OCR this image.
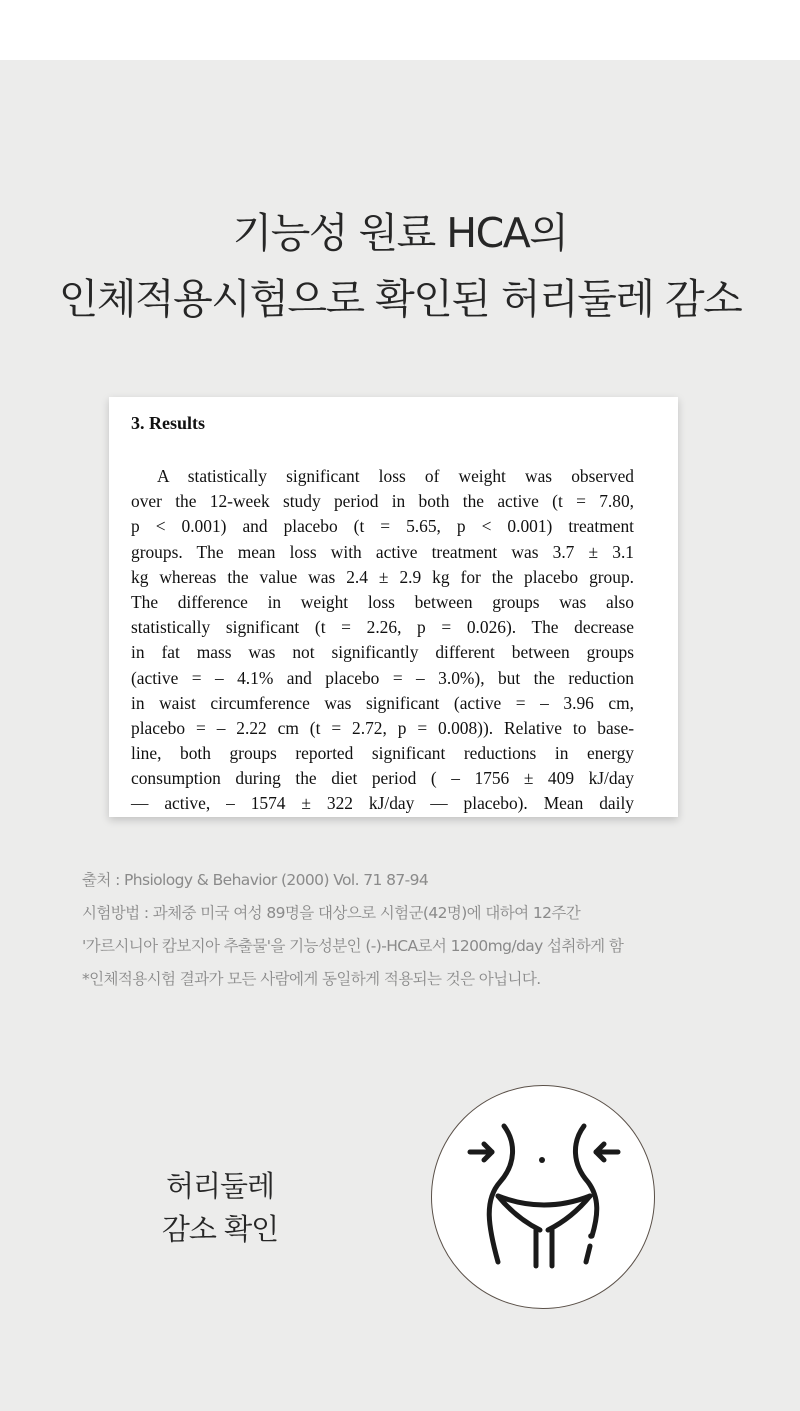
기능성 원료 HCA의
인체적용시험으로 확인된 허리둘레 감소
3. Results
A statistically significant loss of weight was observed
over the 12-week study period in both the active (t = 7.80,
p < 0.001) and placebo (t = 5.65, p < 0.001) treatment
groups. The mean loss with active treatment was 3.7 ± 3.1
kg whereas the value was 2.4 ± 2.9 kg for the placebo group.
The difference in weight loss between groups was also
statistically significant (t = 2.26, p = 0.026). The decrease
in fat mass was not significantly different between groups
(active = – 4.1% and placebo = – 3.0%), but the reduction
in waist circumference was significant (active = – 3.96 cm,
placebo = – 2.22 cm (t = 2.72, p = 0.008)). Relative to base-
line, both groups reported significant reductions in energy
consumption during the diet period ( – 1756 ± 409 kJ/day
— active, – 1574 ± 322 kJ/day — placebo). Mean daily
출처 : Phsiology & Behavior (2000) Vol. 71 87-94
시험방법 : 과체중 미국 여성 89명을 대상으로 시험군(42명)에 대하여 12주간
'가르시니아 캄보지아 추출물'을 기능성분인 (-)-HCA로서 1200mg/day 섭취하게 함
*인체적용시험 결과가 모든 사람에게 동일하게 적용되는 것은 아닙니다.
허리둘레
감소 확인
